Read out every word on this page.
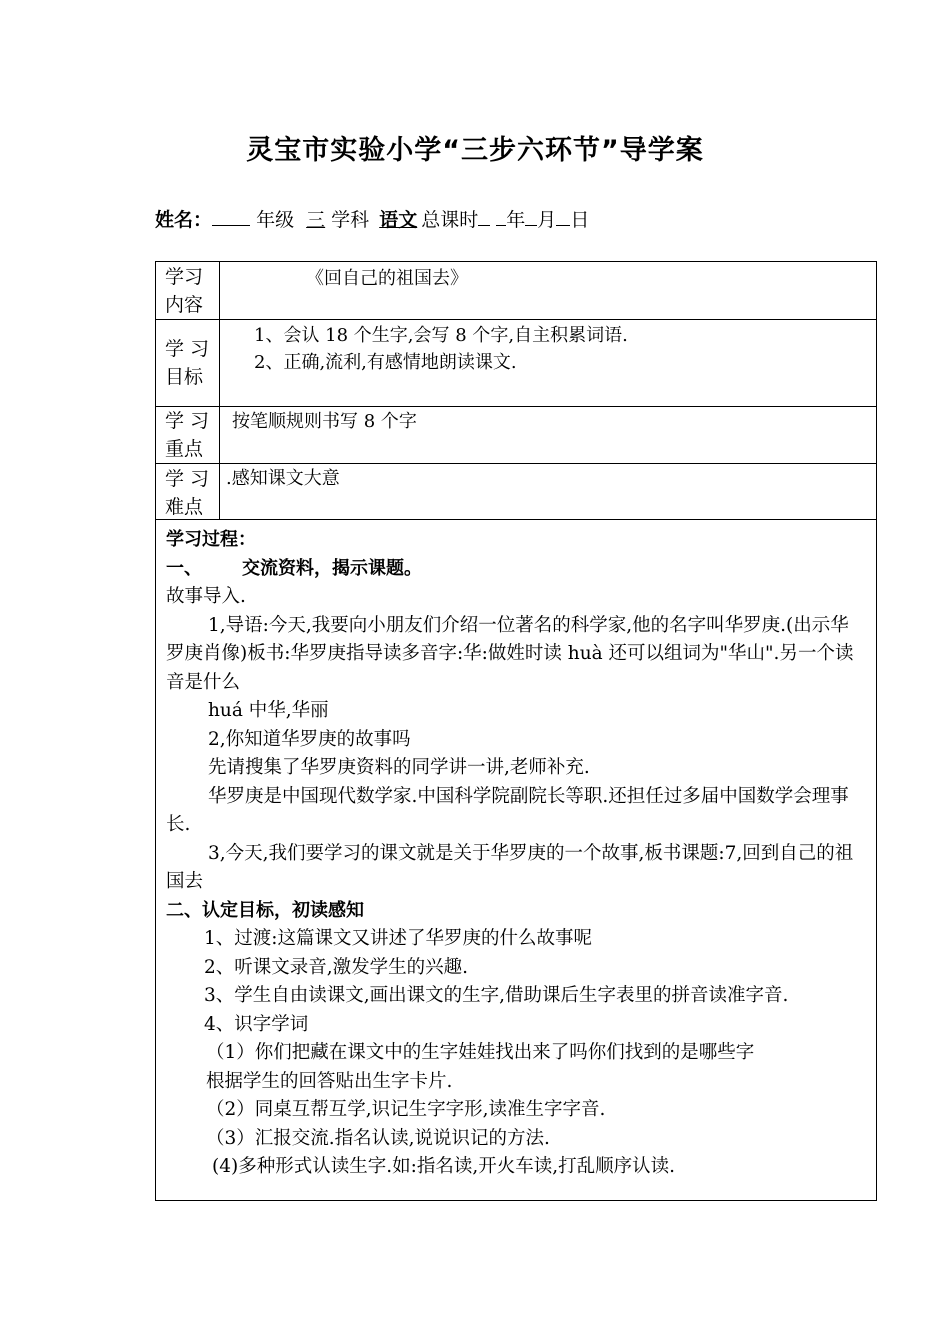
灵宝市实验小学“三步六环节”导学案
姓名： 年级 三 学科 语文 总课时 年 月 日
学习
内容
《回自己的祖国去》
学 习
目标
1、会认 18 个生字,会写 8 个字,自主积累词语.
2、正确,流利,有感情地朗读课文.
学 习
重点
按笔顺规则书写 8 个字
学 习
难点
.感知课文大意

学习过程：

一、 交流资料，揭示课题。

故事导入.

1,导语:今天,我要向小朋友们介绍一位著名的科学家,他的名字叫华罗庚.(出示华罗庚肖像)板书:华罗庚指导读多音字:华:做姓时读 huà 还可以组词为"华山".另一个读音是什么

huá 中华,华丽

2,你知道华罗庚的故事吗

先请搜集了华罗庚资料的同学讲一讲,老师补充.

华罗庚是中国现代数学家.中国科学院副院长等职.还担任过多届中国数学会理事长.

3,今天,我们要学习的课文就是关于华罗庚的一个故事,板书课题:7,回到自己的祖国去

二、认定目标，初读感知

1、过渡:这篇课文又讲述了华罗庚的什么故事呢

2、听课文录音,激发学生的兴趣.

3、学生自由读课文,画出课文的生字,借助课后生字表里的拼音读准字音.

4、识字学词

（1）你们把藏在课文中的生字娃娃找出来了吗你们找到的是哪些字

根据学生的回答贴出生字卡片.

（2）同桌互帮互学,识记生字字形,读准生字字音.

（3）汇报交流.指名认读,说说识记的方法.

(4)多种形式认读生字.如:指名读,开火车读,打乱顺序认读.
